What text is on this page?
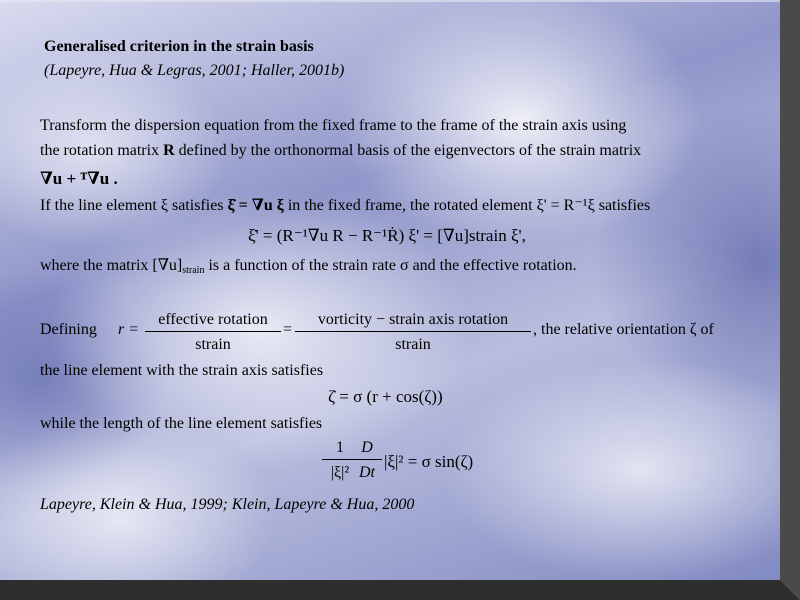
Generalised criterion in the strain basis
(Lapeyre, Hua & Legras, 2001; Haller, 2001b)
Transform the dispersion equation from the fixed frame to the frame of the strain axis using
the rotation matrix R defined by the orthonormal basis of the eigenvectors of the strain matrix
∇u + ᵀ∇u .
If the line element ξ satisfies ξ̇ = ∇u ξ in the fixed frame, the rotated element ξ' = R⁻¹ξ satisfies
ξ̇' = (R⁻¹∇u R − R⁻¹Ṙ) ξ' = [∇u]strain ξ',
where the matrix $[\nabla u]_{strain}$ is a function of the strain rate σ and the effective rotation.
Defining r =
effective rotation
strain
=
vorticity − strain axis rotation
strain
, the relative orientation ζ of
the line element with the strain axis satisfies
ζ̇ = σ (r + cos(ζ))
while the length of the line element satisfies
1
|ξ|²
D
Dt
|ξ|² = σ sin(ζ)
Lapeyre, Klein & Hua, 1999; Klein, Lapeyre & Hua, 2000
